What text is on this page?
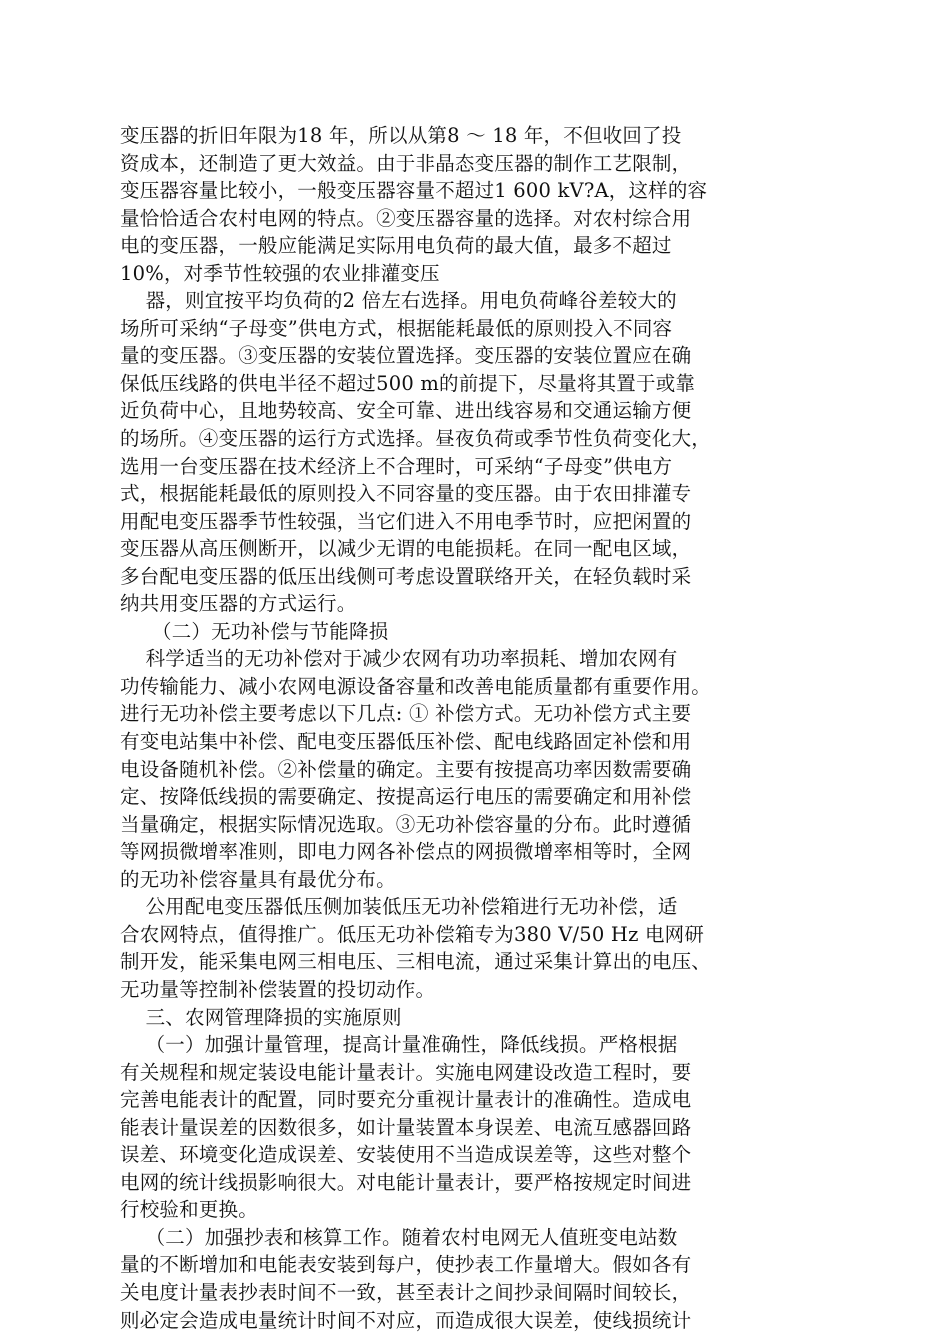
变压器的折旧年限为18 年，所以从第8 ～ 18 年，不但收回了投
资成本，还制造了更大效益。由于非晶态变压器的制作工艺限制，
变压器容量比较小，一般变压器容量不超过1 600 kV?A，这样的容
量恰恰适合农村电网的特点。②变压器容量的选择。对农村综合用
电的变压器，一般应能满足实际用电负荷的最大值，最多不超过
10%，对季节性较强的农业排灌变压
器，则宜按平均负荷的2 倍左右选择。用电负荷峰谷差较大的
场所可采纳“子母变”供电方式，根据能耗最低的原则投入不同容
量的变压器。③变压器的安装位置选择。变压器的安装位置应在确
保低压线路的供电半径不超过500 m的前提下，尽量将其置于或靠
近负荷中心，且地势较高、安全可靠、进出线容易和交通运输方便
的场所。④变压器的运行方式选择。昼夜负荷或季节性负荷变化大，
选用一台变压器在技术经济上不合理时，可采纳“子母变”供电方
式，根据能耗最低的原则投入不同容量的变压器。由于农田排灌专
用配电变压器季节性较强，当它们进入不用电季节时，应把闲置的
变压器从高压侧断开，以减少无谓的电能损耗。在同一配电区域，
多台配电变压器的低压出线侧可考虑设置联络开关，在轻负载时采
纳共用变压器的方式运行。
（二）无功补偿与节能降损
科学适当的无功补偿对于减少农网有功功率损耗、增加农网有
功传输能力、减小农网电源设备容量和改善电能质量都有重要作用。
进行无功补偿主要考虑以下几点: ① 补偿方式。无功补偿方式主要
有变电站集中补偿、配电变压器低压补偿、配电线路固定补偿和用
电设备随机补偿。②补偿量的确定。主要有按提高功率因数需要确
定、按降低线损的需要确定、按提高运行电压的需要确定和用补偿
当量确定，根据实际情况选取。③无功补偿容量的分布。此时遵循
等网损微增率准则，即电力网各补偿点的网损微增率相等时，全网
的无功补偿容量具有最优分布。
公用配电变压器低压侧加装低压无功补偿箱进行无功补偿，适
合农网特点，值得推广。低压无功补偿箱专为380 V/50 Hz 电网研
制开发，能采集电网三相电压、三相电流，通过采集计算出的电压、
无功量等控制补偿装置的投切动作。
三、农网管理降损的实施原则
（一）加强计量管理，提高计量准确性，降低线损。严格根据
有关规程和规定装设电能计量表计。实施电网建设改造工程时，要
完善电能表计的配置，同时要充分重视计量表计的准确性。造成电
能表计量误差的因数很多，如计量装置本身误差、电流互感器回路
误差、环境变化造成误差、安装使用不当造成误差等，这些对整个
电网的统计线损影响很大。对电能计量表计，要严格按规定时间进
行校验和更换。
（二）加强抄表和核算工作。随着农村电网无人值班变电站数
量的不断增加和电能表安装到每户，使抄表工作量增大。假如各有
关电度计量表抄表时间不一致，甚至表计之间抄录间隔时间较长，
则必定会造成电量统计时间不对应，而造成很大误差，使线损统计
